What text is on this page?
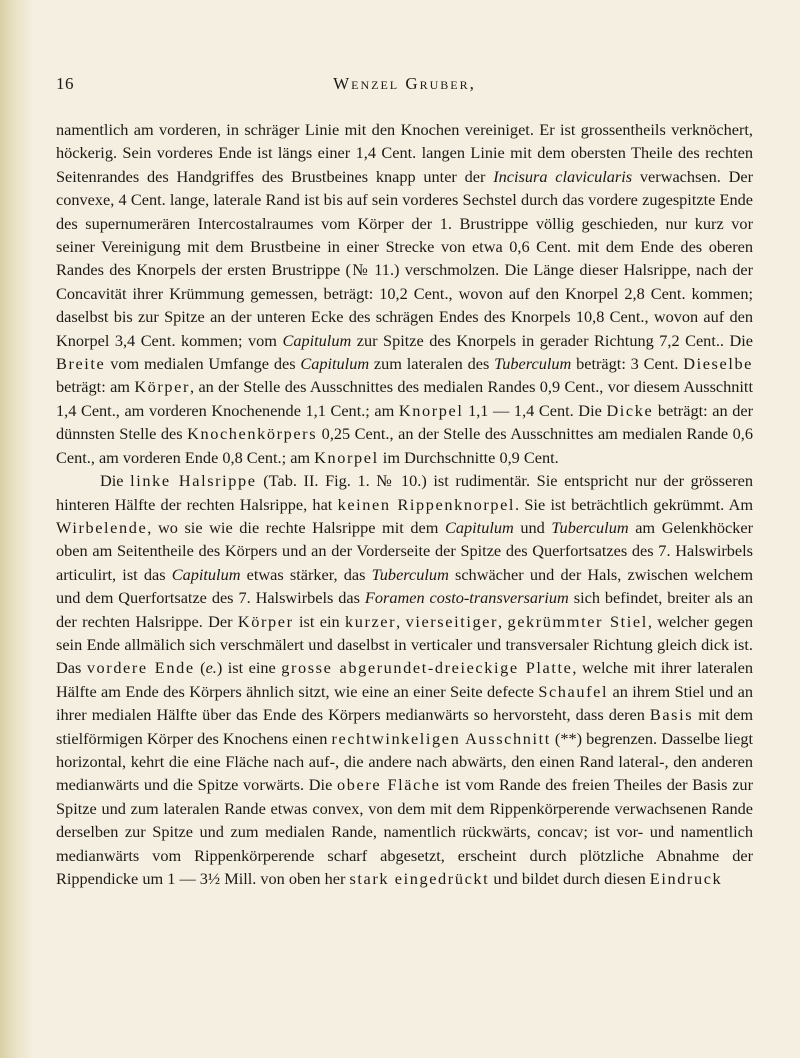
16	Wenzel Gruber,

namentlich am vorderen, in schräger Linie mit den Knochen vereiniget. Er ist grossentheils verknöchert, höckerig. Sein vorderes Ende ist längs einer 1,4 Cent. langen Linie mit dem obersten Theile des rechten Seitenrandes des Handgriffes des Brustbeines knapp unter der Incisura clavicularis verwachsen. Der convexe, 4 Cent. lange, laterale Rand ist bis auf sein vorderes Sechstel durch das vordere zugespitzte Ende des supernumerären Intercostalraumes vom Körper der 1. Brustrippe völlig geschieden, nur kurz vor seiner Vereinigung mit dem Brustbeine in einer Strecke von etwa 0,6 Cent. mit dem Ende des oberen Randes des Knorpels der ersten Brustrippe (№ 11.) verschmolzen. Die Länge dieser Halsrippe, nach der Concavität ihrer Krümmung gemessen, beträgt: 10,2 Cent., wovon auf den Knorpel 2,8 Cent. kommen; daselbst bis zur Spitze an der unteren Ecke des schrägen Endes des Knorpels 10,8 Cent., wovon auf den Knorpel 3,4 Cent. kommen; vom Capitulum zur Spitze des Knorpels in gerader Richtung 7,2 Cent.. Die Breite vom medialen Umfange des Capitulum zum lateralen des Tuberculum beträgt: 3 Cent. Dieselbe beträgt: am Körper, an der Stelle des Ausschnittes des medialen Randes 0,9 Cent., vor diesem Ausschnitt 1,4 Cent., am vorderen Knochenende 1,1 Cent.; am Knorpel 1,1 — 1,4 Cent. Die Dicke beträgt: an der dünnsten Stelle des Knochenkörpers 0,25 Cent., an der Stelle des Ausschnittes am medialen Rande 0,6 Cent., am vorderen Ende 0,8 Cent.; am Knorpel im Durchschnitte 0,9 Cent.

Die linke Halsrippe (Tab. II. Fig. 1. № 10.) ist rudimentär. Sie entspricht nur der grösseren hinteren Hälfte der rechten Halsrippe, hat keinen Rippenknorpel. Sie ist beträchtlich gekrümmt. Am Wirbelende, wo sie wie die rechte Halsrippe mit dem Capitulum und Tuberculum am Gelenkhöcker oben am Seitentheile des Körpers und an der Vorderseite der Spitze des Querfortsatzes des 7. Halswirbels articulirt, ist das Capitulum etwas stärker, das Tuberculum schwächer und der Hals, zwischen welchem und dem Querfortsatze des 7. Halswirbels das Foramen costo-transversarium sich befindet, breiter als an der rechten Halsrippe. Der Körper ist ein kurzer, vierseitiger, gekrümmter Stiel, welcher gegen sein Ende allmälich sich verschmälert und daselbst in verticaler und transversaler Richtung gleich dick ist. Das vordere Ende (e.) ist eine grosse abgerundet-dreieckige Platte, welche mit ihrer lateralen Hälfte am Ende des Körpers ähnlich sitzt, wie eine an einer Seite defecte Schaufel an ihrem Stiel und an ihrer medialen Hälfte über das Ende des Körpers medianwärts so hervorsteht, dass deren Basis mit dem stielförmigen Körper des Knochens einen rechtwinkeligen Ausschnitt (**) begrenzen. Dasselbe liegt horizontal, kehrt die eine Fläche nach auf-, die andere nach abwärts, den einen Rand lateral-, den anderen medianwärts und die Spitze vorwärts. Die obere Fläche ist vom Rande des freien Theiles der Basis zur Spitze und zum lateralen Rande etwas convex, von dem mit dem Rippenkörperende verwachsenen Rande derselben zur Spitze und zum medialen Rande, namentlich rückwärts, concav; ist vor- und namentlich medianwärts vom Rippenkörperende scharf abgesetzt, erscheint durch plötzliche Abnahme der Rippendicke um 1 — 3½ Mill. von oben her stark eingedrückt und bildet durch diesen Eindruck
